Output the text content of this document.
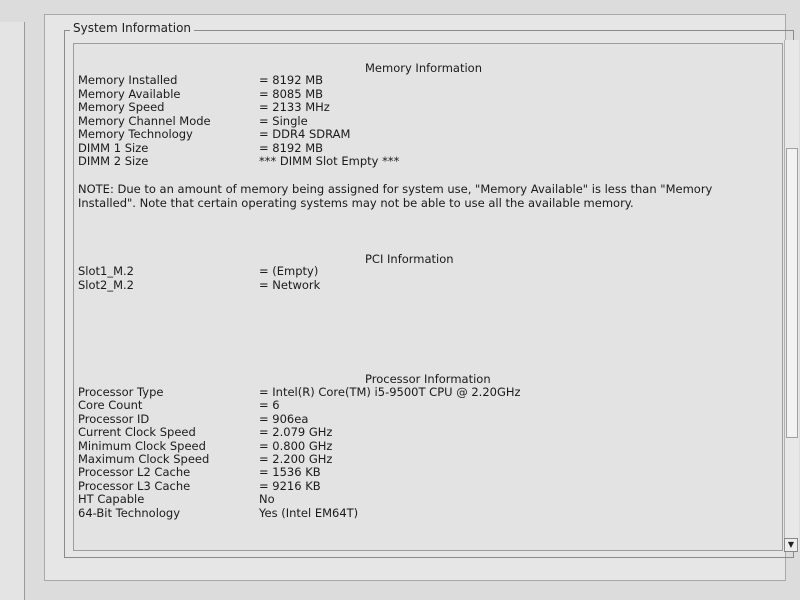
System Information
Memory Information
Memory Installed	= 8192 MB
Memory Available	= 8085 MB
Memory Speed	= 2133 MHz
Memory Channel Mode	= Single
Memory Technology	= DDR4 SDRAM
DIMM 1 Size	= 8192 MB
DIMM 2 Size	*** DIMM Slot Empty ***
NOTE: Due to an amount of memory being assigned for system use, "Memory Available" is less than "Memory Installed". Note that certain operating systems may not be able to use all the available memory.
PCI Information
Slot1_M.2	= (Empty)
Slot2_M.2	= Network
Processor Information
Processor Type	= Intel(R) Core(TM) i5-9500T CPU @ 2.20GHz
Core Count	= 6
Processor ID	= 906ea
Current Clock Speed	= 2.079 GHz
Minimum Clock Speed	= 0.800 GHz
Maximum Clock Speed	= 2.200 GHz
Processor L2 Cache	= 1536 KB
Processor L3 Cache	= 9216 KB
HT Capable	No
64-Bit Technology	Yes (Intel EM64T)
▼
